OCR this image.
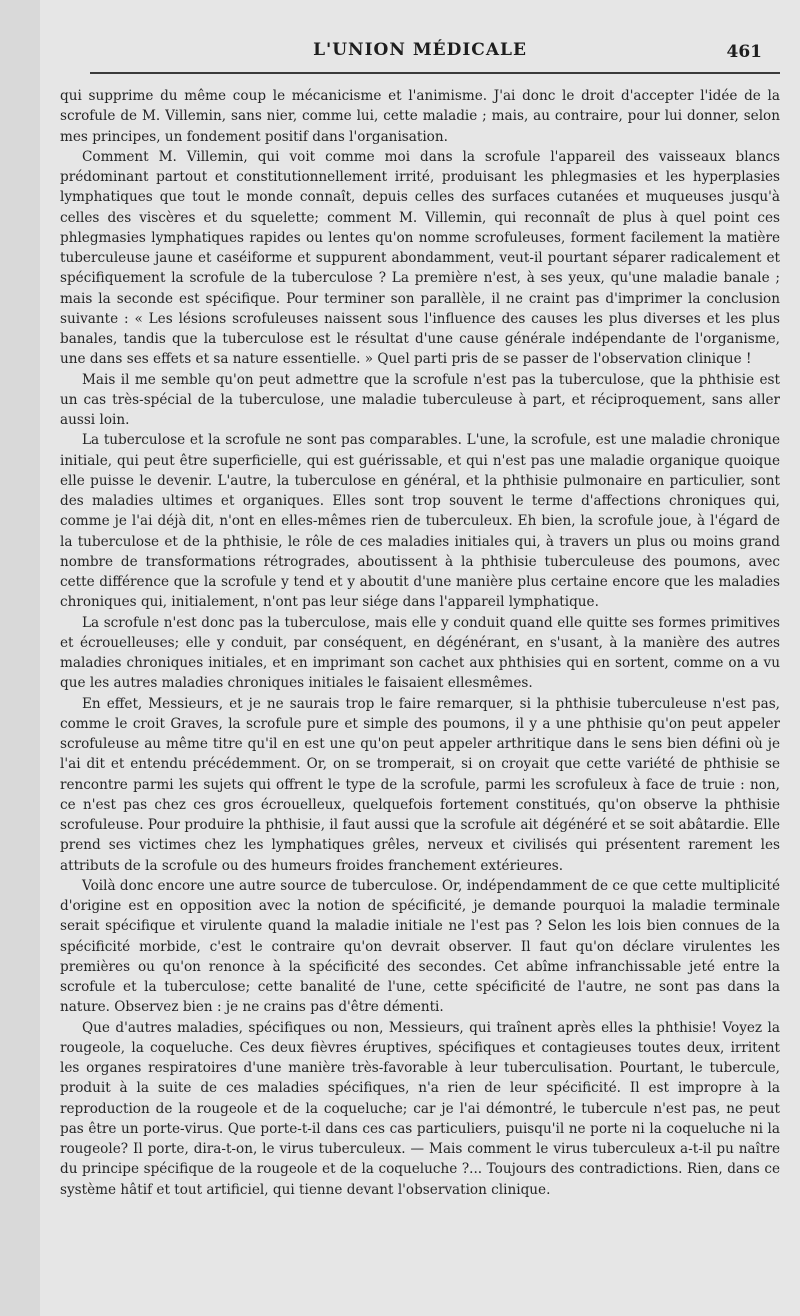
L'UNION MÉDICALE	461

qui supprime du même coup le mécanicisme et l'animisme. J'ai donc le droit d'accepter l'idée de la scrofule de M. Villemin, sans nier, comme lui, cette maladie ; mais, au contraire, pour lui donner, selon mes principes, un fondement positif dans l'organisation.

Comment M. Villemin, qui voit comme moi dans la scrofule l'appareil des vaisseaux blancs prédominant partout et constitutionnellement irrité, produisant les phlegmasies et les hyperplasies lymphatiques que tout le monde connaît, depuis celles des surfaces cutanées et muqueuses jusqu'à celles des viscères et du squelette; comment M. Villemin, qui reconnaît de plus à quel point ces phlegmasies lymphatiques rapides ou lentes qu'on nomme scrofuleuses, forment facilement la matière tuberculeuse jaune et caséiforme et suppurent abondamment, veut-il pourtant séparer radicalement et spécifiquement la scrofule de la tuberculose ? La première n'est, à ses yeux, qu'une maladie banale ; mais la seconde est spécifique. Pour terminer son parallèle, il ne craint pas d'imprimer la conclusion suivante : « Les lésions scrofuleuses naissent sous l'influence des causes les plus diverses et les plus banales, tandis que la tuberculose est le résultat d'une cause générale indépendante de l'organisme, une dans ses effets et sa nature essentielle. » Quel parti pris de se passer de l'observation clinique !

Mais il me semble qu'on peut admettre que la scrofule n'est pas la tuberculose, que la phthisie est un cas très-spécial de la tuberculose, une maladie tuberculeuse à part, et réciproquement, sans aller aussi loin.

La tuberculose et la scrofule ne sont pas comparables. L'une, la scrofule, est une maladie chronique initiale, qui peut être superficielle, qui est guérissable, et qui n'est pas une maladie organique quoique elle puisse le devenir. L'autre, la tuberculose en général, et la phthisie pulmonaire en particulier, sont des maladies ultimes et organiques. Elles sont trop souvent le terme d'affections chroniques qui, comme je l'ai déjà dit, n'ont en elles-mêmes rien de tuberculeux. Eh bien, la scrofule joue, à l'égard de la tuberculose et de la phthisie, le rôle de ces maladies initiales qui, à travers un plus ou moins grand nombre de transformations rétrogrades, aboutissent à la phthisie tuberculeuse des poumons, avec cette différence que la scrofule y tend et y aboutit d'une manière plus certaine encore que les maladies chroniques qui, initialement, n'ont pas leur siége dans l'appareil lymphatique.

La scrofule n'est donc pas la tuberculose, mais elle y conduit quand elle quitte ses formes primitives et écrouelleuses; elle y conduit, par conséquent, en dégénérant, en s'usant, à la manière des autres maladies chroniques initiales, et en imprimant son cachet aux phthisies qui en sortent, comme on a vu que les autres maladies chroniques initiales le faisaient ellesmêmes.

En effet, Messieurs, et je ne saurais trop le faire remarquer, si la phthisie tuberculeuse n'est pas, comme le croit Graves, la scrofule pure et simple des poumons, il y a une phthisie qu'on peut appeler scrofuleuse au même titre qu'il en est une qu'on peut appeler arthritique dans le sens bien défini où je l'ai dit et entendu précédemment. Or, on se tromperait, si on croyait que cette variété de phthisie se rencontre parmi les sujets qui offrent le type de la scrofule, parmi les scrofuleux à face de truie : non, ce n'est pas chez ces gros écrouelleux, quelquefois fortement constitués, qu'on observe la phthisie scrofuleuse. Pour produire la phthisie, il faut aussi que la scrofule ait dégénéré et se soit abâtardie. Elle prend ses victimes chez les lymphatiques grêles, nerveux et civilisés qui présentent rarement les attributs de la scrofule ou des humeurs froides franchement extérieures.

Voilà donc encore une autre source de tuberculose. Or, indépendamment de ce que cette multiplicité d'origine est en opposition avec la notion de spécificité, je demande pourquoi la maladie terminale serait spécifique et virulente quand la maladie initiale ne l'est pas ? Selon les lois bien connues de la spécificité morbide, c'est le contraire qu'on devrait observer. Il faut qu'on déclare virulentes les premières ou qu'on renonce à la spécificité des secondes. Cet abîme infranchissable jeté entre la scrofule et la tuberculose; cette banalité de l'une, cette spécificité de l'autre, ne sont pas dans la nature. Observez bien : je ne crains pas d'être démenti.

Que d'autres maladies, spécifiques ou non, Messieurs, qui traînent après elles la phthisie! Voyez la rougeole, la coqueluche. Ces deux fièvres éruptives, spécifiques et contagieuses toutes deux, irritent les organes respiratoires d'une manière très-favorable à leur tuberculisation. Pourtant, le tubercule, produit à la suite de ces maladies spécifiques, n'a rien de leur spécificité. Il est impropre à la reproduction de la rougeole et de la coqueluche; car je l'ai démontré, le tubercule n'est pas, ne peut pas être un porte-virus. Que porte-t-il dans ces cas particuliers, puisqu'il ne porte ni la coqueluche ni la rougeole? Il porte, dira-t-on, le virus tuberculeux. — Mais comment le virus tuberculeux a-t-il pu naître du principe spécifique de la rougeole et de la coqueluche ?... Toujours des contradictions. Rien, dans ce système hâtif et tout artificiel, qui tienne devant l'observation clinique.
